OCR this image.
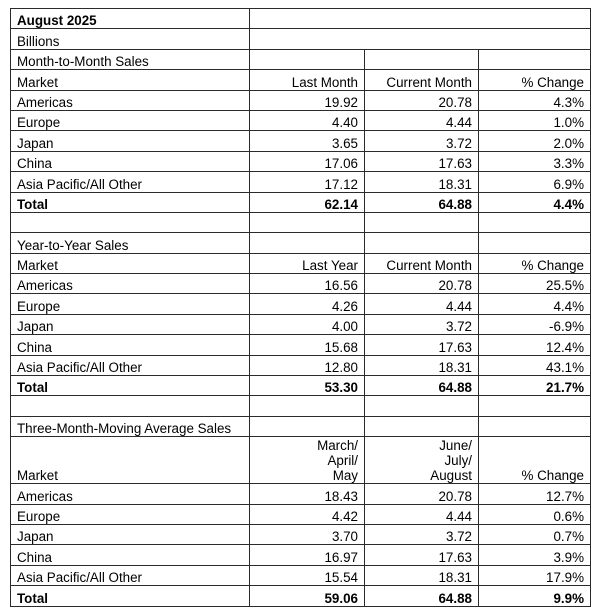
August 2025			
Billions			
Month-to-Month Sales			
Market	Last Month	Current Month	% Change
Americas	19.92	20.78	4.3%
Europe	4.40	4.44	1.0%
Japan	3.65	3.72	2.0%
China	17.06	17.63	3.3%
Asia Pacific/All Other	17.12	18.31	6.9%
Total	62.14	64.88	4.4%

Year-to-Year Sales			
Market	Last Year	Current Month	% Change
Americas	16.56	20.78	25.5%
Europe	4.26	4.44	4.4%
Japan	4.00	3.72	-6.9%
China	15.68	17.63	12.4%
Asia Pacific/All Other	12.80	18.31	43.1%
Total	53.30	64.88	21.7%

Three-Month-Moving Average Sales			
Market	March/
April/
May	June/
July/
August	% Change
Americas	18.43	20.78	12.7%
Europe	4.42	4.44	0.6%
Japan	3.70	3.72	0.7%
China	16.97	17.63	3.9%
Asia Pacific/All Other	15.54	18.31	17.9%
Total	59.06	64.88	9.9%
